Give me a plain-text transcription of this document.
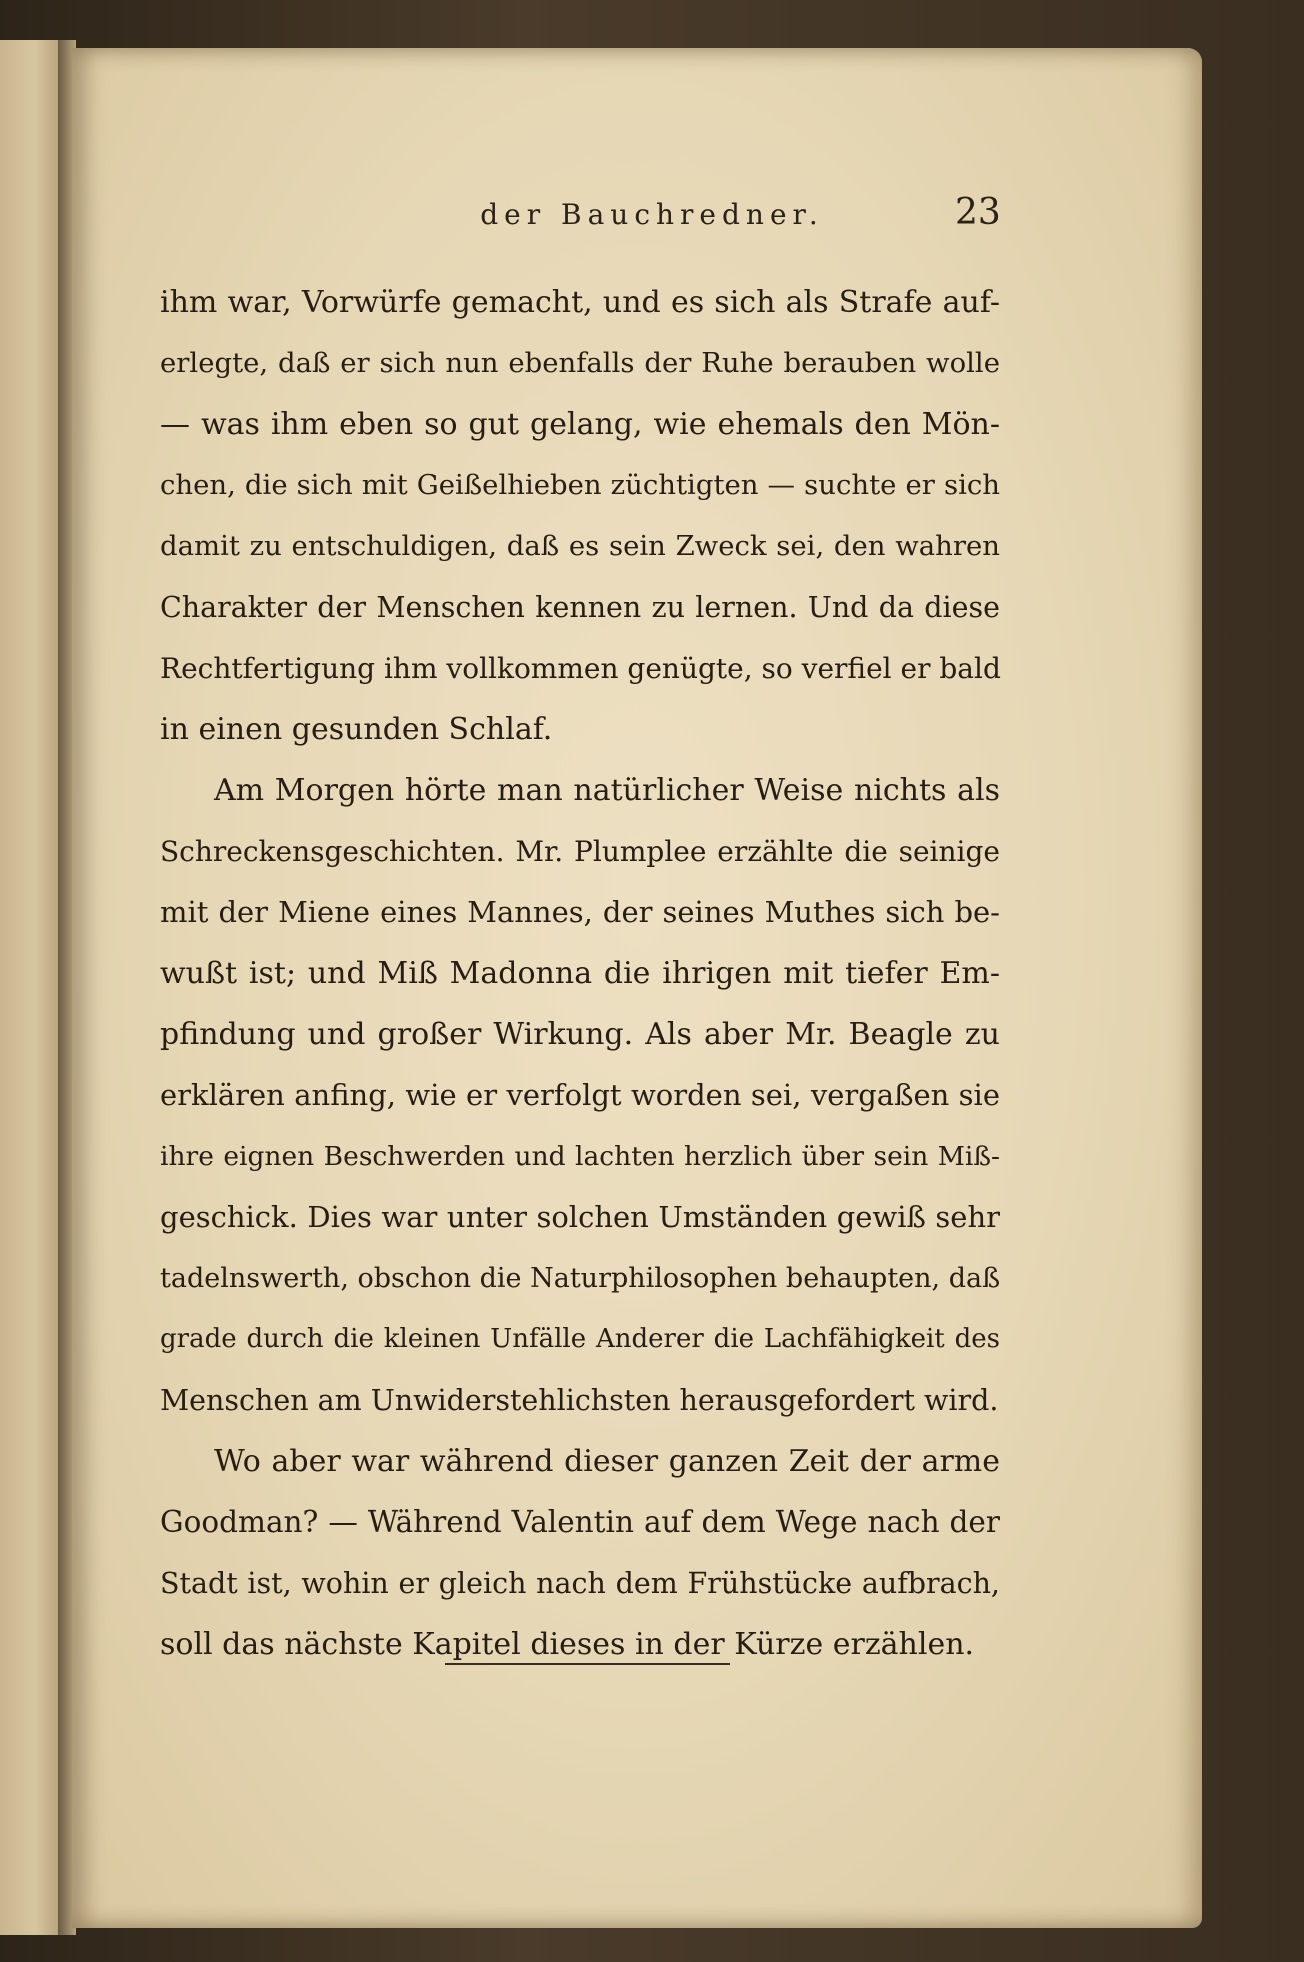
der Bauchredner.	23
ihm war, Vorwürfe gemacht, und es sich als Strafe auf-
erlegte, daß er sich nun ebenfalls der Ruhe berauben wolle
— was ihm eben so gut gelang, wie ehemals den Mön-
chen, die sich mit Geißelhieben züchtigten — suchte er sich
damit zu entschuldigen, daß es sein Zweck sei, den wahren
Charakter der Menschen kennen zu lernen. Und da diese
Rechtfertigung ihm vollkommen genügte, so verfiel er bald
in einen gesunden Schlaf.
Am Morgen hörte man natürlicher Weise nichts als
Schreckensgeschichten. Mr. Plumplee erzählte die seinige
mit der Miene eines Mannes, der seines Muthes sich be-
wußt ist; und Miß Madonna die ihrigen mit tiefer Em-
pfindung und großer Wirkung. Als aber Mr. Beagle zu
erklären anfing, wie er verfolgt worden sei, vergaßen sie
ihre eignen Beschwerden und lachten herzlich über sein Miß-
geschick. Dies war unter solchen Umständen gewiß sehr
tadelnswerth, obschon die Naturphilosophen behaupten, daß
grade durch die kleinen Unfälle Anderer die Lachfähigkeit des
Menschen am Unwiderstehlichsten herausgefordert wird.
Wo aber war während dieser ganzen Zeit der arme
Goodman? — Während Valentin auf dem Wege nach der
Stadt ist, wohin er gleich nach dem Frühstücke aufbrach,
soll das nächste Kapitel dieses in der Kürze erzählen.
